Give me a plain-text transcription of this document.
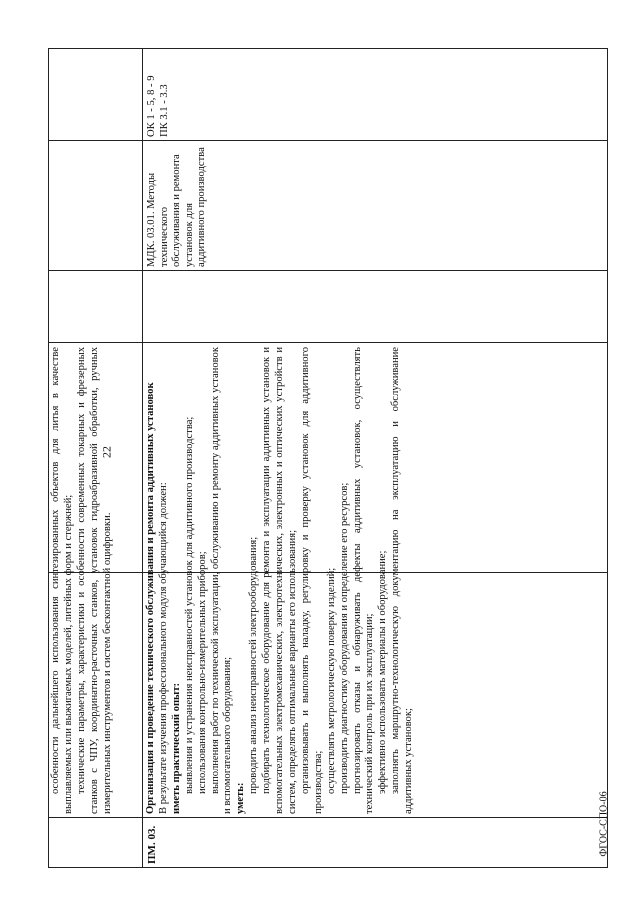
22

особенности дальнейшего использования синтезированных объектов для литья в качестве выплавляемых или выжигаемых моделей, литейных форм и стержней; технические параметры, характеристики и особенности современных токарных и фрезерных станков с ЧПУ, координатно-расточных станков, установок гидроабразивной обработки, ручных измерительных инструментов и систем бесконтактной оцифровки.

ПМ. 03.
МДК. 03.01. Методы технического обслуживания и ремонта установок для аддитивного производства
ОК 1 - 5, 8 - 9
ПК 3.1 - 3.3

Организация и проведение технического обслуживания и ремонта аддитивных установок В результате изучения профессионального модуля обучающийся должен: иметь практический опыт: выявления и устранения неисправностей установок для аддитивного производства; использования контрольно-измерительных приборов; выполнения работ по технической эксплуатации, обслуживанию и ремонту аддитивных установок и вспомогательного оборудования; уметь:

проводить анализ неисправностей электрооборудования; подбирать технологическое оборудование для ремонта и эксплуатации аддитивных установок и вспомогательных электромеханических, электротехнических, электронных и оптических устройств и систем, определять оптимальные варианты его использования; организовывать и выполнять наладку, регулировку и проверку установок для аддитивного производства; осуществлять метрологическую поверку изделий; производить диагностику оборудования и определение его ресурсов; прогнозировать отказы и обнаруживать дефекты аддитивных установок, осуществлять технический контроль при их эксплуатации; эффективно использовать материалы и оборудование; заполнять маршрутно-технологическую документацию на эксплуатацию и обслуживание аддитивных установок;

ФГОС-СПО-06
